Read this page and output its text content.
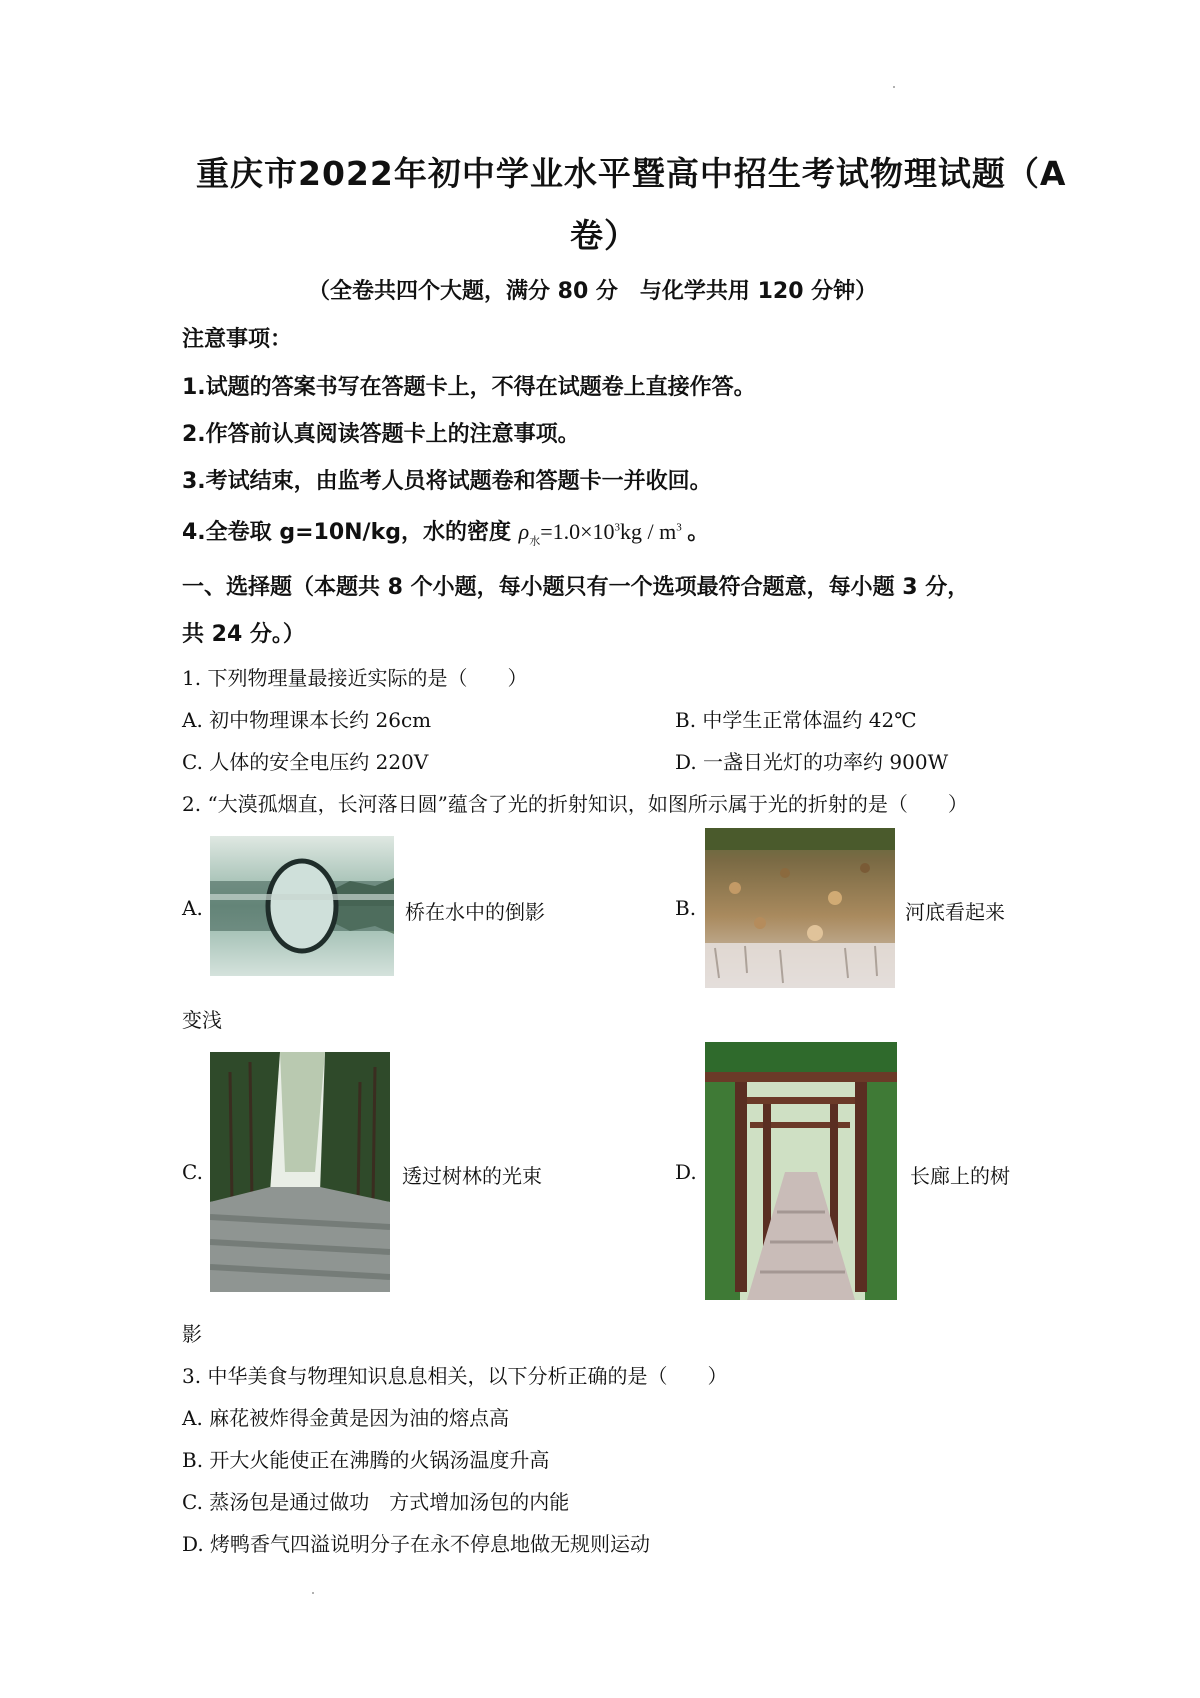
重庆市2022年初中学业水平暨高中招生考试物理试题（A
卷）
（全卷共四个大题，满分 80 分　与化学共用 120 分钟）
注意事项：
1.试题的答案书写在答题卡上，不得在试题卷上直接作答。
2.作答前认真阅读答题卡上的注意事项。
3.考试结束，由监考人员将试题卷和答题卡一并收回。
4.全卷取 g=10N/kg，水的密度 $\rho_水=1.0\times 10^3kg / m^3$ 。
一、选择题（本题共 8 个小题，每小题只有一个选项最符合题意，每小题 3 分，
共 24 分。）
1. 下列物理量最接近实际的是（　　）
A. 初中物理课本长约 26cm	B. 中学生正常体温约 42℃
C. 人体的安全电压约 220V	D. 一盏日光灯的功率约 900W
2. “大漠孤烟直，长河落日圆”蕴含了光的折射知识，如图所示属于光的折射的是（　　）
A.	桥在水中的倒影	B.	河底看起来
变浅
C.	透过树林的光束	D.	长廊上的树
影
3. 中华美食与物理知识息息相关，以下分析正确的是（　　）
A. 麻花被炸得金黄是因为油的熔点高
B. 开大火能使正在沸腾的火锅汤温度升高
C. 蒸汤包是通过做功　方式增加汤包的内能
D. 烤鸭香气四溢说明分子在永不停息地做无规则运动
